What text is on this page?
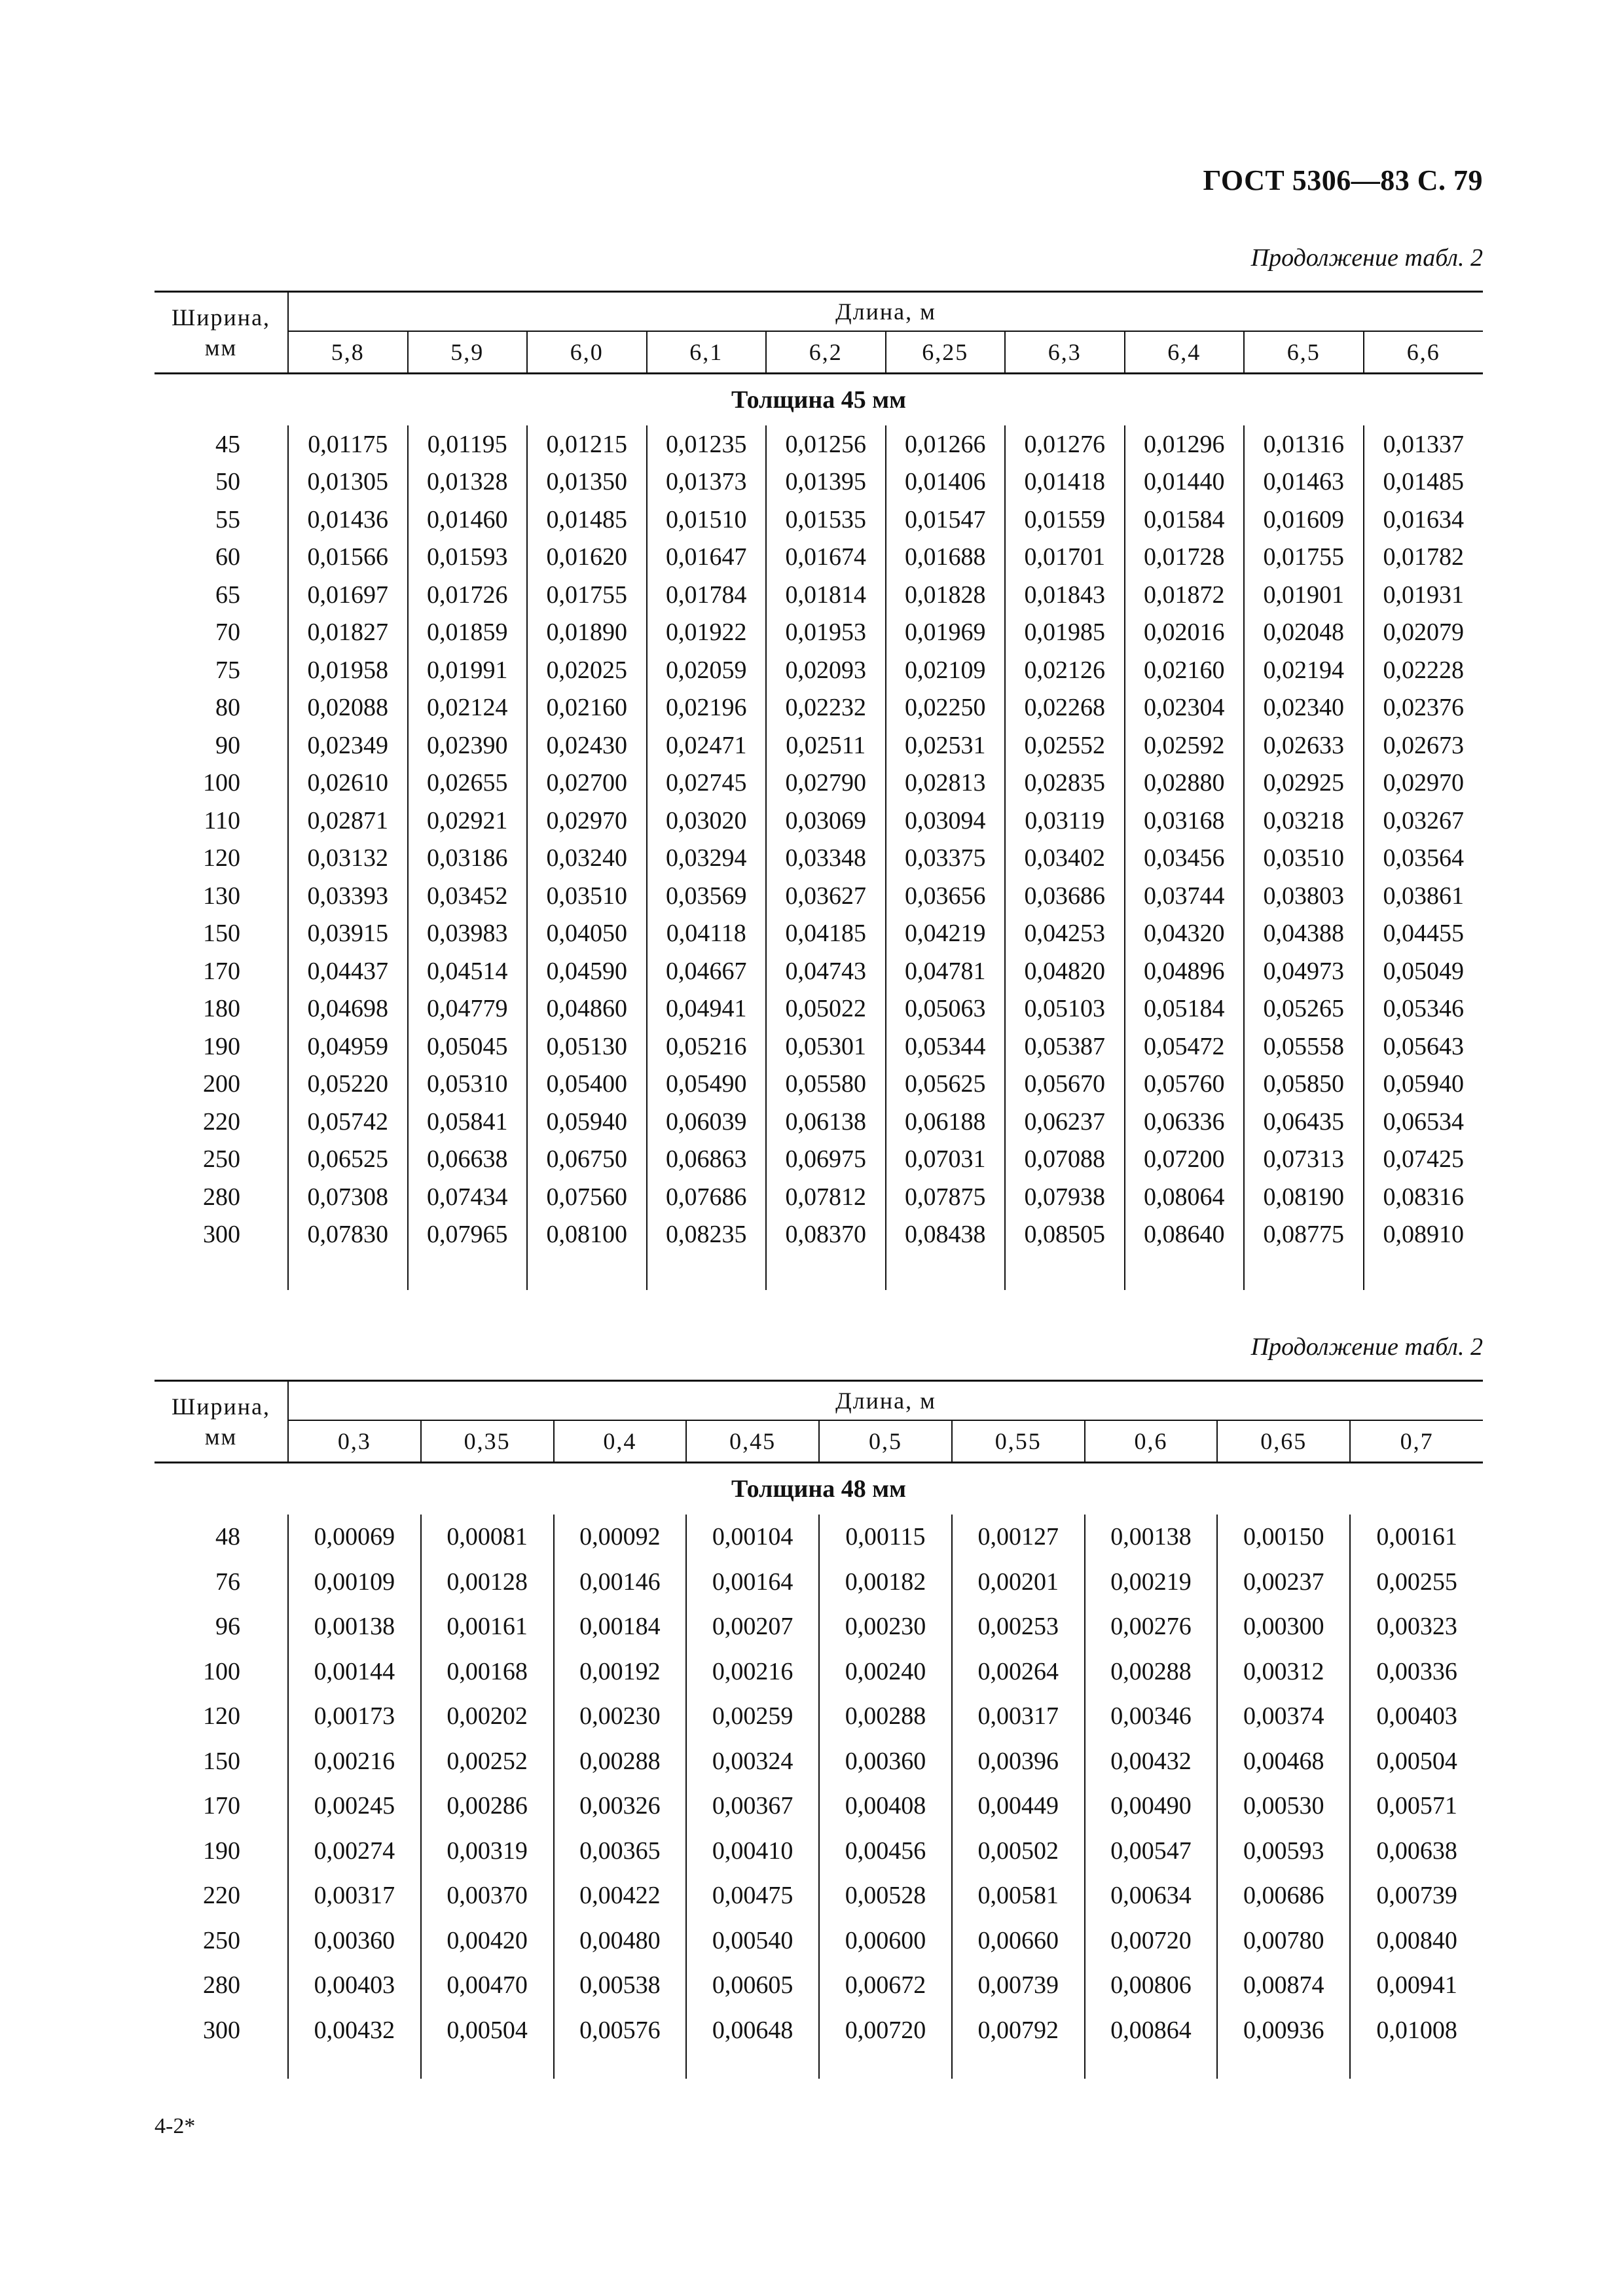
ГОСТ 5306—83 С. 79
Продолжение табл. 2
Ширина,
мм	Длина, м									
	5,8	5,9	6,0	6,1	6,2	6,25	6,3	6,4	6,5	6,6
Толщина 45 мм										
45	0,01175	0,01195	0,01215	0,01235	0,01256	0,01266	0,01276	0,01296	0,01316	0,01337
50	0,01305	0,01328	0,01350	0,01373	0,01395	0,01406	0,01418	0,01440	0,01463	0,01485
55	0,01436	0,01460	0,01485	0,01510	0,01535	0,01547	0,01559	0,01584	0,01609	0,01634
60	0,01566	0,01593	0,01620	0,01647	0,01674	0,01688	0,01701	0,01728	0,01755	0,01782
65	0,01697	0,01726	0,01755	0,01784	0,01814	0,01828	0,01843	0,01872	0,01901	0,01931
70	0,01827	0,01859	0,01890	0,01922	0,01953	0,01969	0,01985	0,02016	0,02048	0,02079
75	0,01958	0,01991	0,02025	0,02059	0,02093	0,02109	0,02126	0,02160	0,02194	0,02228
80	0,02088	0,02124	0,02160	0,02196	0,02232	0,02250	0,02268	0,02304	0,02340	0,02376
90	0,02349	0,02390	0,02430	0,02471	0,02511	0,02531	0,02552	0,02592	0,02633	0,02673
100	0,02610	0,02655	0,02700	0,02745	0,02790	0,02813	0,02835	0,02880	0,02925	0,02970
110	0,02871	0,02921	0,02970	0,03020	0,03069	0,03094	0,03119	0,03168	0,03218	0,03267
120	0,03132	0,03186	0,03240	0,03294	0,03348	0,03375	0,03402	0,03456	0,03510	0,03564
130	0,03393	0,03452	0,03510	0,03569	0,03627	0,03656	0,03686	0,03744	0,03803	0,03861
150	0,03915	0,03983	0,04050	0,04118	0,04185	0,04219	0,04253	0,04320	0,04388	0,04455
170	0,04437	0,04514	0,04590	0,04667	0,04743	0,04781	0,04820	0,04896	0,04973	0,05049
180	0,04698	0,04779	0,04860	0,04941	0,05022	0,05063	0,05103	0,05184	0,05265	0,05346
190	0,04959	0,05045	0,05130	0,05216	0,05301	0,05344	0,05387	0,05472	0,05558	0,05643
200	0,05220	0,05310	0,05400	0,05490	0,05580	0,05625	0,05670	0,05760	0,05850	0,05940
220	0,05742	0,05841	0,05940	0,06039	0,06138	0,06188	0,06237	0,06336	0,06435	0,06534
250	0,06525	0,06638	0,06750	0,06863	0,06975	0,07031	0,07088	0,07200	0,07313	0,07425
280	0,07308	0,07434	0,07560	0,07686	0,07812	0,07875	0,07938	0,08064	0,08190	0,08316
300	0,07830	0,07965	0,08100	0,08235	0,08370	0,08438	0,08505	0,08640	0,08775	0,08910

Продолжение табл. 2
Ширина,
мм	Длина, м								
	0,3	0,35	0,4	0,45	0,5	0,55	0,6	0,65	0,7
Толщина 48 мм									
48	0,00069	0,00081	0,00092	0,00104	0,00115	0,00127	0,00138	0,00150	0,00161
76	0,00109	0,00128	0,00146	0,00164	0,00182	0,00201	0,00219	0,00237	0,00255
96	0,00138	0,00161	0,00184	0,00207	0,00230	0,00253	0,00276	0,00300	0,00323
100	0,00144	0,00168	0,00192	0,00216	0,00240	0,00264	0,00288	0,00312	0,00336
120	0,00173	0,00202	0,00230	0,00259	0,00288	0,00317	0,00346	0,00374	0,00403
150	0,00216	0,00252	0,00288	0,00324	0,00360	0,00396	0,00432	0,00468	0,00504
170	0,00245	0,00286	0,00326	0,00367	0,00408	0,00449	0,00490	0,00530	0,00571
190	0,00274	0,00319	0,00365	0,00410	0,00456	0,00502	0,00547	0,00593	0,00638
220	0,00317	0,00370	0,00422	0,00475	0,00528	0,00581	0,00634	0,00686	0,00739
250	0,00360	0,00420	0,00480	0,00540	0,00600	0,00660	0,00720	0,00780	0,00840
280	0,00403	0,00470	0,00538	0,00605	0,00672	0,00739	0,00806	0,00874	0,00941
300	0,00432	0,00504	0,00576	0,00648	0,00720	0,00792	0,00864	0,00936	0,01008

4-2*
